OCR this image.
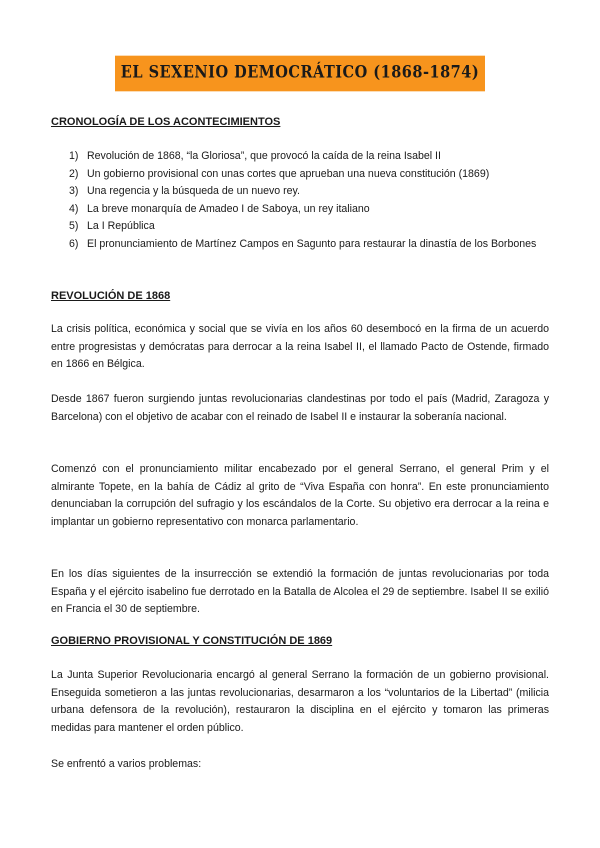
EL SEXENIO DEMOCRÁTICO (1868-1874)
CRONOLOGÍA DE LOS ACONTECIMIENTOS
1) Revolución de 1868, “la Gloriosa”, que provocó la caída de la reina Isabel II
2) Un gobierno provisional con unas cortes que aprueban una nueva constitución (1869)
3) Una regencia y la búsqueda de un nuevo rey.
4) La breve monarquía de Amadeo I de Saboya, un rey italiano
5) La I República
6) El pronunciamiento de Martínez Campos en Sagunto para restaurar la dinastía de los Borbones
REVOLUCIÓN DE 1868

La crisis política, económica y social que se vivía en los años 60 desembocó en la firma de un acuerdo entre progresistas y demócratas para derrocar a la reina Isabel II, el llamado Pacto de Ostende, firmado en 1866 en Bélgica.

Desde 1867 fueron surgiendo juntas revolucionarias clandestinas por todo el país (Madrid, Zaragoza y Barcelona) con el objetivo de acabar con el reinado de Isabel II e instaurar la soberanía nacional.

Comenzó con el pronunciamiento militar encabezado por el general Serrano, el general Prim y el almirante Topete, en la bahía de Cádiz al grito de “Viva España con honra”. En este pronunciamiento denunciaban la corrupción del sufragio y los escándalos de la Corte. Su objetivo era derrocar a la reina e implantar un gobierno representativo con monarca parlamentario.

En los días siguientes de la insurrección se extendió la formación de juntas revolucionarias por toda España y el ejército isabelino fue derrotado en la Batalla de Alcolea el 29 de septiembre. Isabel II se exilió en Francia el 30 de septiembre.

GOBIERNO PROVISIONAL Y CONSTITUCIÓN DE 1869

La Junta Superior Revolucionaria encargó al general Serrano la formación de un gobierno provisional. Enseguida sometieron a las juntas revolucionarias, desarmaron a los “voluntarios de la Libertad” (milicia urbana defensora de la revolución), restauraron la disciplina en el ejército y tomaron las primeras medidas para mantener el orden público.

Se enfrentó a varios problemas:
